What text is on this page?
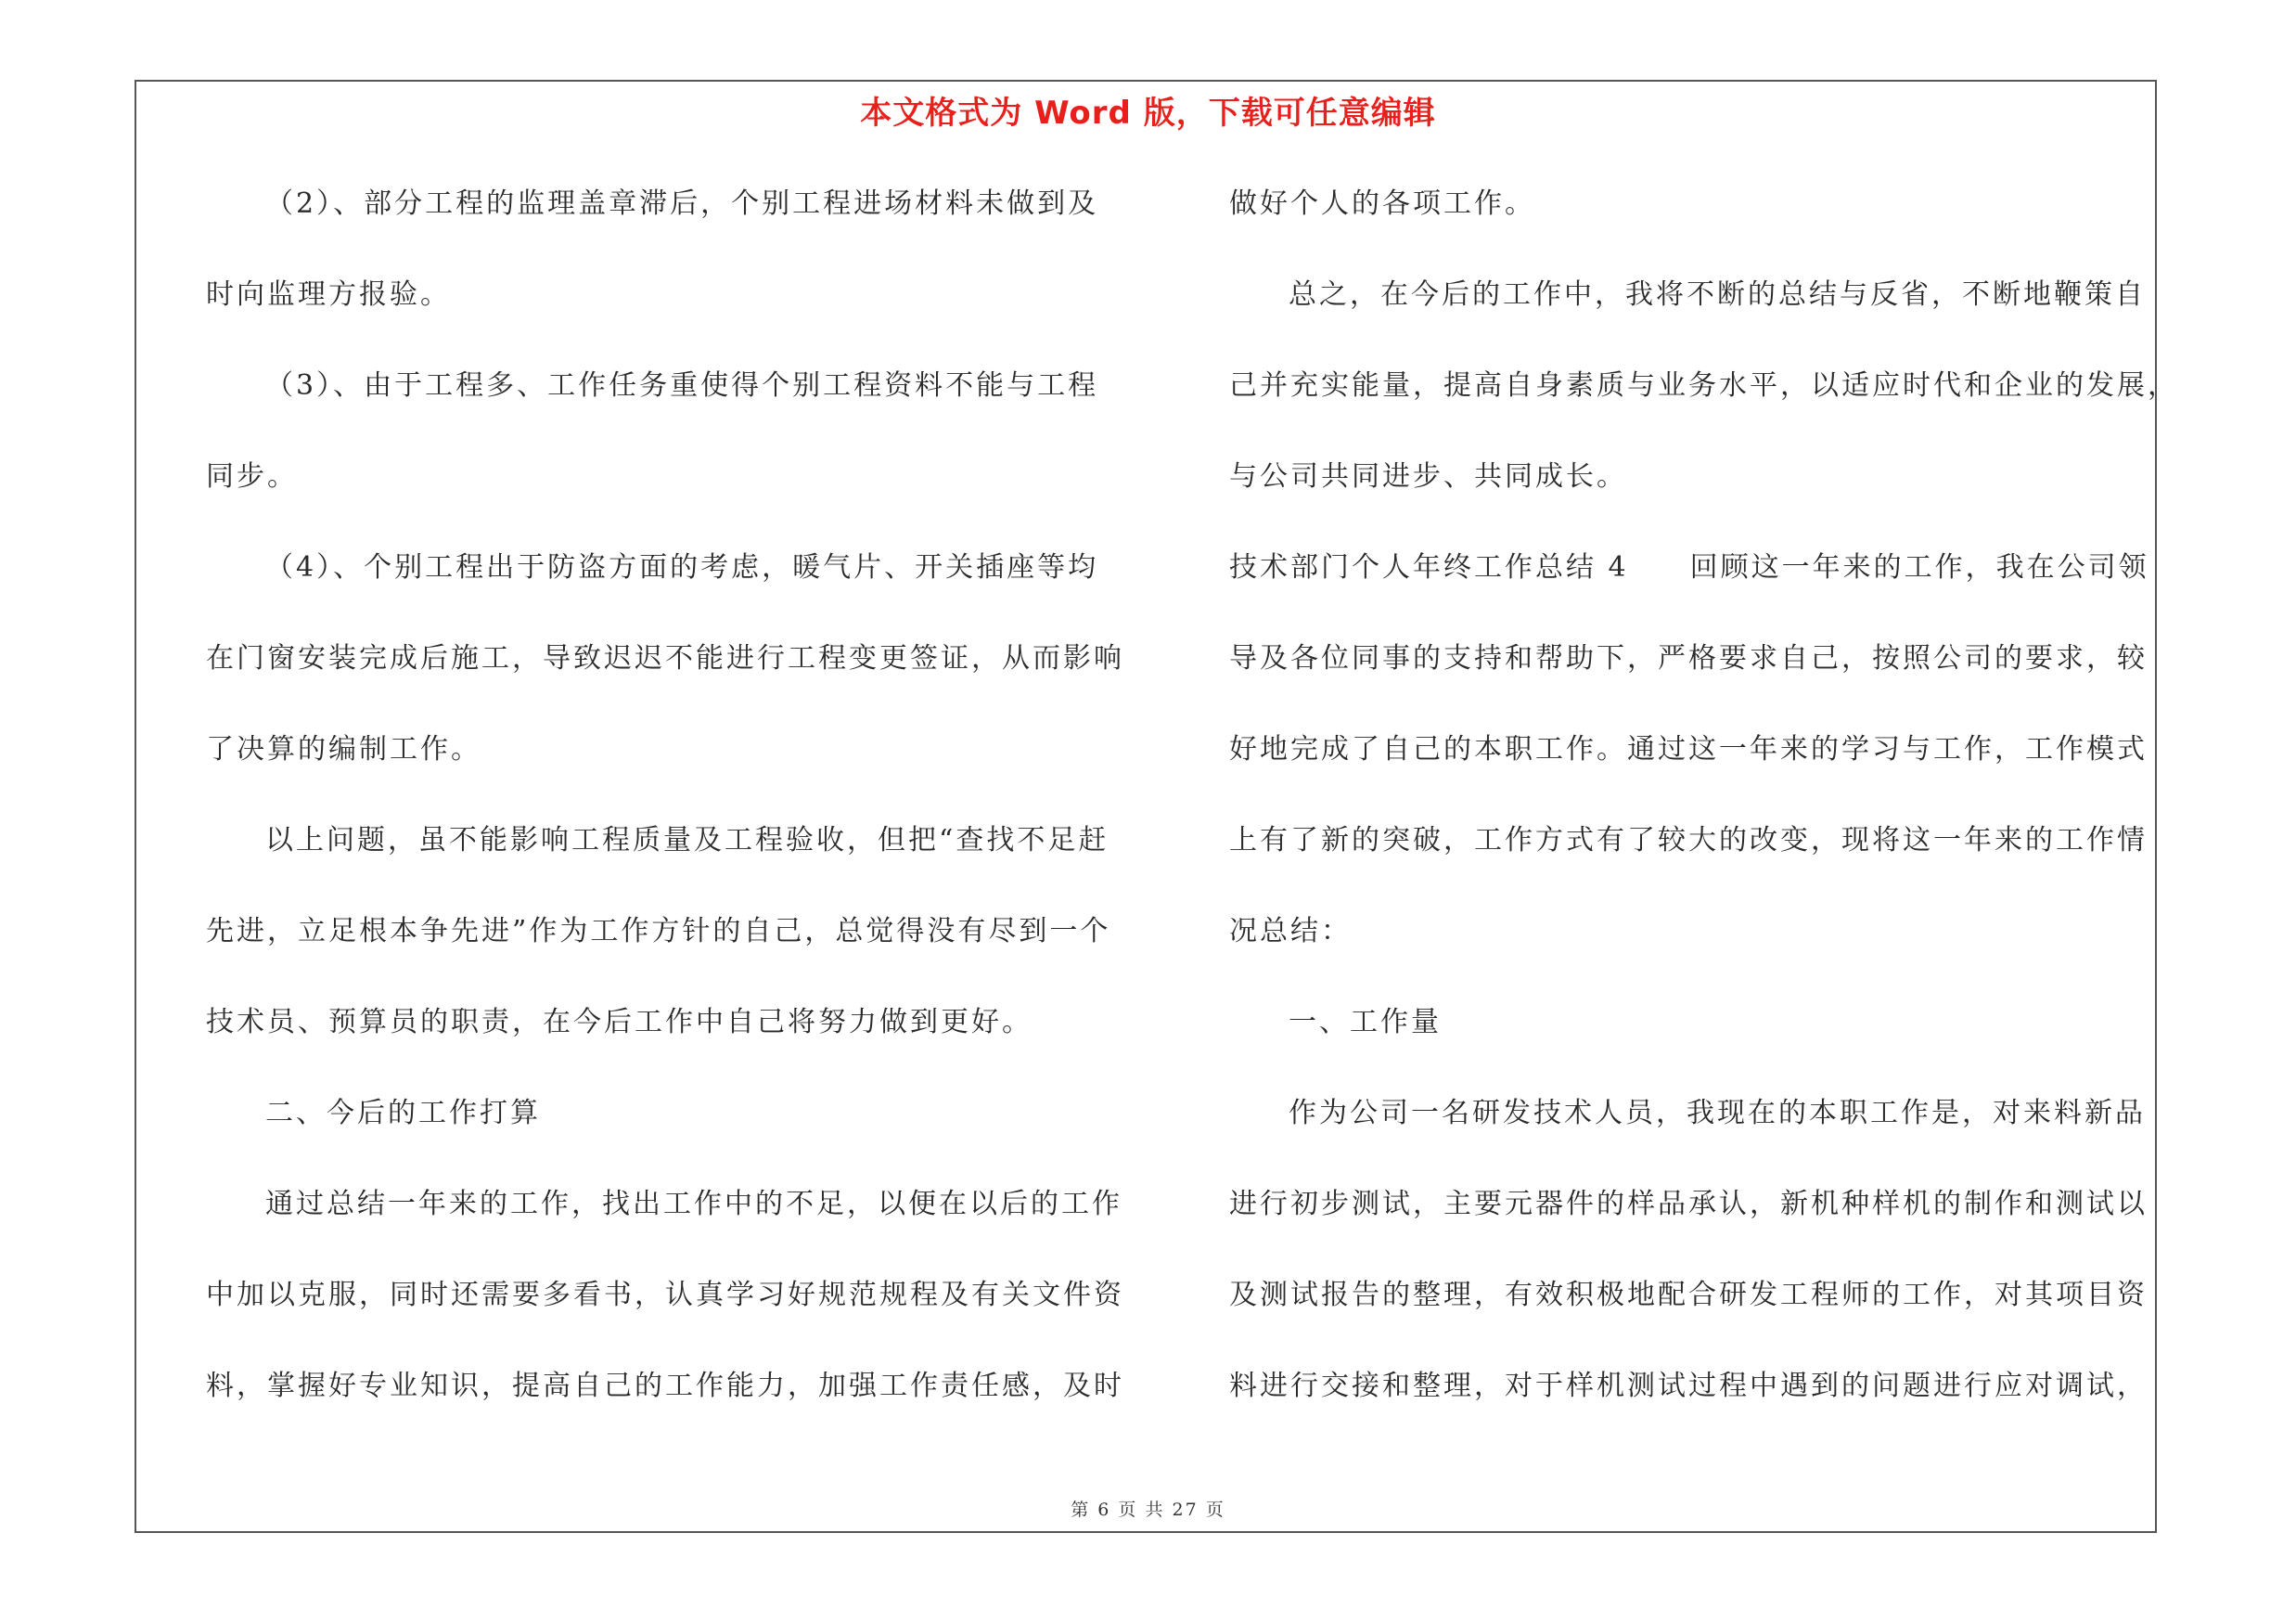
本文格式为 Word 版，下载可任意编辑
（2）、部分工程的监理盖章滞后，个别工程进场材料未做到及
时向监理方报验。
（3）、由于工程多、工作任务重使得个别工程资料不能与工程
同步。
（4）、个别工程出于防盗方面的考虑，暖气片、开关插座等均
在门窗安装完成后施工，导致迟迟不能进行工程变更签证，从而影响
了决算的编制工作。
以上问题，虽不能影响工程质量及工程验收，但把“查找不足赶
先进，立足根本争先进”作为工作方针的自己，总觉得没有尽到一个
技术员、预算员的职责，在今后工作中自己将努力做到更好。
二、今后的工作打算
通过总结一年来的工作，找出工作中的不足，以便在以后的工作
中加以克服，同时还需要多看书，认真学习好规范规程及有关文件资
料，掌握好专业知识，提高自己的工作能力，加强工作责任感，及时
做好个人的各项工作。
总之，在今后的工作中，我将不断的总结与反省，不断地鞭策自
己并充实能量，提高自身素质与业务水平，以适应时代和企业的发展，
与公司共同进步、共同成长。
技术部门个人年终工作总结 4　　回顾这一年来的工作，我在公司领
导及各位同事的支持和帮助下，严格要求自己，按照公司的要求，较
好地完成了自己的本职工作。通过这一年来的学习与工作，工作模式
上有了新的突破，工作方式有了较大的改变，现将这一年来的工作情
况总结：
一、工作量
作为公司一名研发技术人员，我现在的本职工作是，对来料新品
进行初步测试，主要元器件的样品承认，新机种样机的制作和测试以
及测试报告的整理，有效积极地配合研发工程师的工作，对其项目资
料进行交接和整理，对于样机测试过程中遇到的问题进行应对调试，
第 6 页 共 27 页
